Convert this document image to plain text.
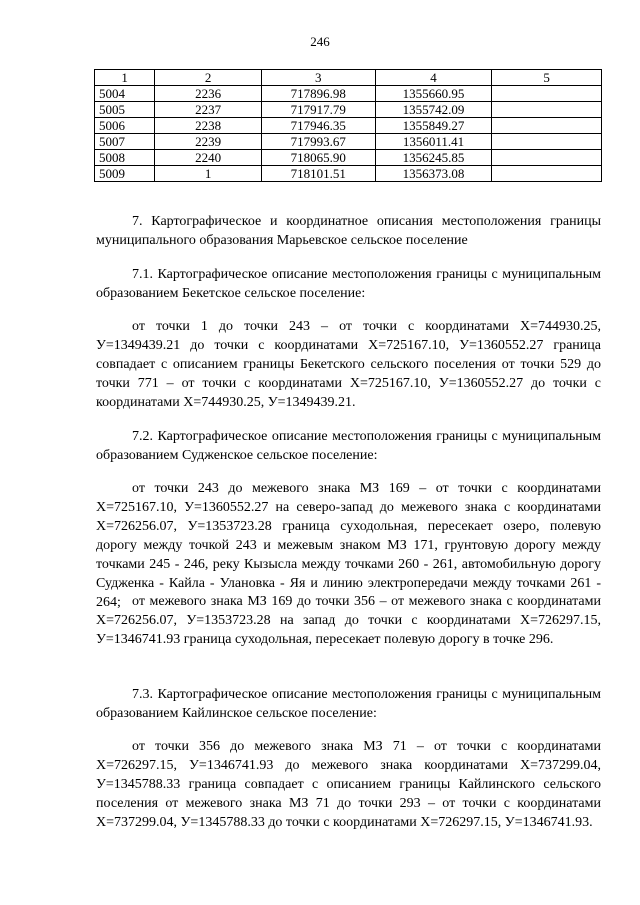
246
1	2	3	4	5
5004	2236	717896.98	1355660.95	
5005	2237	717917.79	1355742.09	
5006	2238	717946.35	1355849.27	
5007	2239	717993.67	1356011.41	
5008	2240	718065.90	1356245.85	
5009	1	718101.51	1356373.08	
7. Картографическое и координатное описания местоположения границы муниципального образования Марьевское сельское поселение
7.1. Картографическое описание местоположения границы с муниципальным образованием Бекетское сельское поселение:
от точки 1 до точки 243 – от точки с координатами Х=744930.25, У=1349439.21 до точки с координатами Х=725167.10, У=1360552.27 граница совпадает с описанием границы Бекетского сельского поселения от точки 529 до точки 771 – от точки с координатами Х=725167.10, У=1360552.27 до точки с координатами Х=744930.25, У=1349439.21.
7.2. Картографическое описание местоположения границы с муниципальным образованием Судженское сельское поселение:
от точки 243 до межевого знака МЗ 169 – от точки с координатами Х=725167.10, У=1360552.27 на северо-запад до межевого знака с координатами Х=726256.07, У=1353723.28 граница суходольная, пересекает озеро, полевую дорогу между точкой 243 и межевым знаком МЗ 171, грунтовую дорогу между точками 245 - 246, реку Кызысла между точками 260 - 261, автомобильную дорогу Судженка - Кайла - Улановка - Яя и линию электропередачи между точками 261 - 264; от межевого знака МЗ 169 до точки 356 – от межевого знака с координатами Х=726256.07, У=1353723.28 на запад до точки с координатами Х=726297.15, У=1346741.93 граница суходольная, пересекает полевую дорогу в точке 296.
7.3. Картографическое описание местоположения границы с муниципальным образованием Кайлинское сельское поселение:
от точки 356 до межевого знака МЗ 71 – от точки с координатами Х=726297.15, У=1346741.93 до межевого знака координатами Х=737299.04, У=1345788.33 граница совпадает с описанием границы Кайлинского сельского поселения от межевого знака МЗ 71 до точки 293 – от точки с координатами Х=737299.04, У=1345788.33 до точки с координатами Х=726297.15, У=1346741.93.
